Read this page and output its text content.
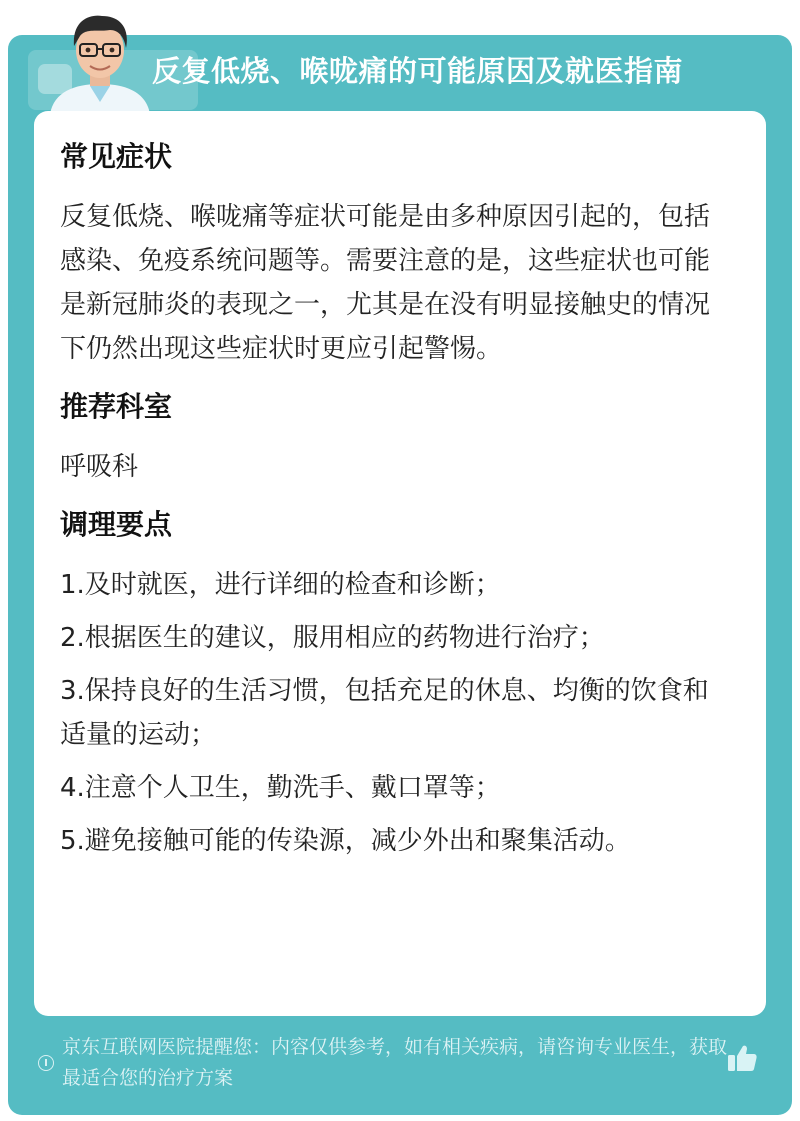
反复低烧、喉咙痛的可能原因及就医指南
常见症状

反复低烧、喉咙痛等症状可能是由多种原因引起的，包括感染、免疫系统问题等。需要注意的是，这些症状也可能是新冠肺炎的表现之一，尤其是在没有明显接触史的情况下仍然出现这些症状时更应引起警惕。

推荐科室

呼吸科

调理要点

1.及时就医，进行详细的检查和诊断；

2.根据医生的建议，服用相应的药物进行治疗；

3.保持良好的生活习惯，包括充足的休息、均衡的饮食和适量的运动；

4.注意个人卫生，勤洗手、戴口罩等；

5.避免接触可能的传染源，减少外出和聚集活动。

京东互联网医院提醒您：内容仅供参考，如有相关疾病，请咨询专业医生，获取最适合您的治疗方案
